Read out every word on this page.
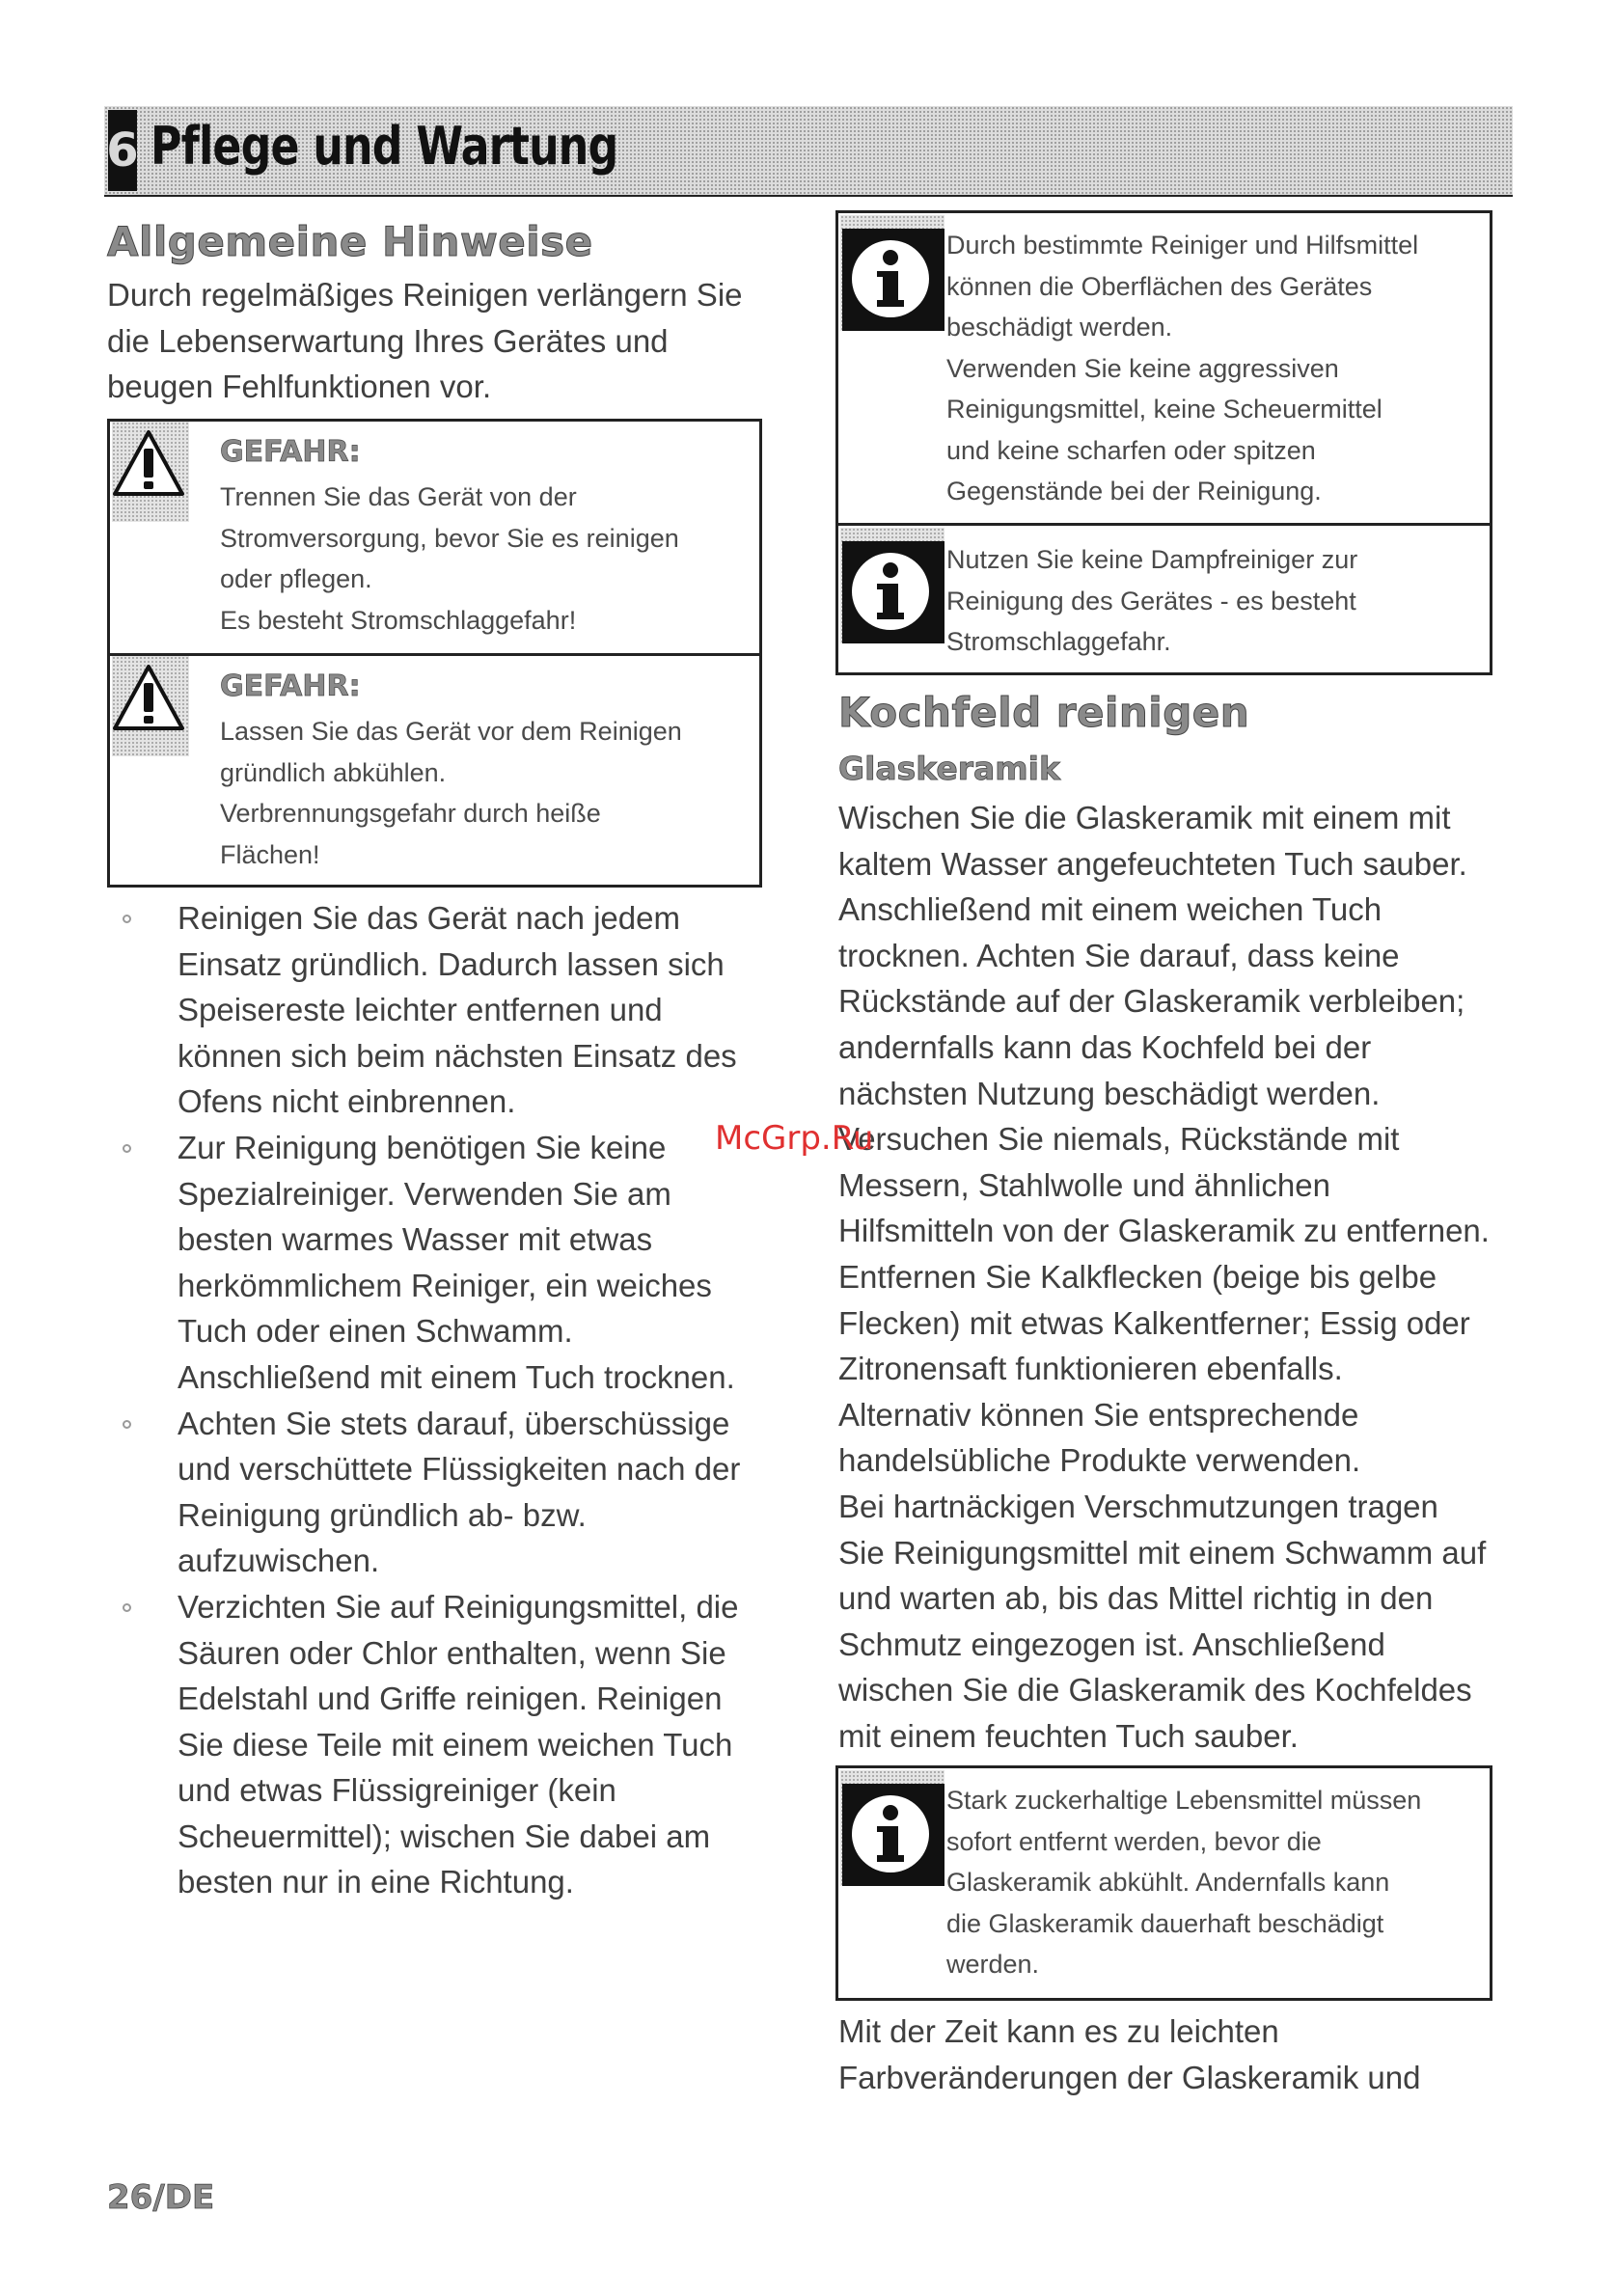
6 Pflege und Wartung
Allgemeine Hinweise

Durch regelmäßiges Reinigen verlängern Sie
die Lebenserwartung Ihres Gerätes und
beugen Fehlfunktionen vor.

GEFAHR:

Trennen Sie das Gerät von der
Stromversorgung, bevor Sie es reinigen
oder pflegen.
Es besteht Stromschlaggefahr!

GEFAHR:

Lassen Sie das Gerät vor dem Reinigen
gründlich abkühlen.
Verbrennungsgefahr durch heiße
Flächen!

Reinigen Sie das Gerät nach jedem
Einsatz gründlich. Dadurch lassen sich
Speisereste leichter entfernen und
können sich beim nächsten Einsatz des
Ofens nicht einbrennen.
Zur Reinigung benötigen Sie keine
Spezialreiniger. Verwenden Sie am
besten warmes Wasser mit etwas
herkömmlichem Reiniger, ein weiches
Tuch oder einen Schwamm.
Anschließend mit einem Tuch trocknen.
Achten Sie stets darauf, überschüssige
und verschüttete Flüssigkeiten nach der
Reinigung gründlich ab- bzw.
aufzuwischen.
Verzichten Sie auf Reinigungsmittel, die
Säuren oder Chlor enthalten, wenn Sie
Edelstahl und Griffe reinigen. Reinigen
Sie diese Teile mit einem weichen Tuch
und etwas Flüssigreiniger (kein
Scheuermittel); wischen Sie dabei am
besten nur in eine Richtung.

Durch bestimmte Reiniger und Hilfsmittel
können die Oberflächen des Gerätes
beschädigt werden.
Verwenden Sie keine aggressiven
Reinigungsmittel, keine Scheuermittel
und keine scharfen oder spitzen
Gegenstände bei der Reinigung.

Nutzen Sie keine Dampfreiniger zur
Reinigung des Gerätes - es besteht
Stromschlaggefahr.

Kochfeld reinigen
Glaskeramik

Wischen Sie die Glaskeramik mit einem mit
kaltem Wasser angefeuchteten Tuch sauber.
Anschließend mit einem weichen Tuch
trocknen. Achten Sie darauf, dass keine
Rückstände auf der Glaskeramik verbleiben;
andernfalls kann das Kochfeld bei der
nächsten Nutzung beschädigt werden.
Versuchen Sie niemals, Rückstände mit
Messern, Stahlwolle und ähnlichen
Hilfsmitteln von der Glaskeramik zu entfernen.
Entfernen Sie Kalkflecken (beige bis gelbe
Flecken) mit etwas Kalkentferner; Essig oder
Zitronensaft funktionieren ebenfalls.
Alternativ können Sie entsprechende
handelsübliche Produkte verwenden.
Bei hartnäckigen Verschmutzungen tragen
Sie Reinigungsmittel mit einem Schwamm auf
und warten ab, bis das Mittel richtig in den
Schmutz eingezogen ist. Anschließend
wischen Sie die Glaskeramik des Kochfeldes
mit einem feuchten Tuch sauber.

Stark zuckerhaltige Lebensmittel müssen
sofort entfernt werden, bevor die
Glaskeramik abkühlt. Andernfalls kann
die Glaskeramik dauerhaft beschädigt
werden.

Mit der Zeit kann es zu leichten
Farbveränderungen der Glaskeramik und

McGrp.Ru

26/DE
